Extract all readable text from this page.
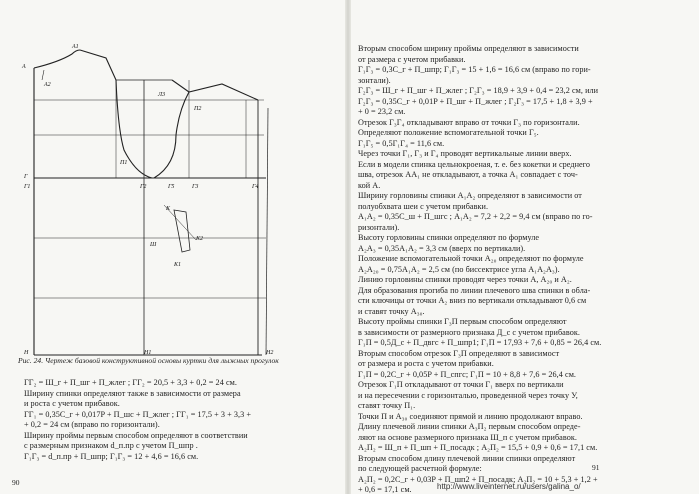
A
A1
A2
Л3
Г1	Г2	Г3
П1
П2
Г4
Г5
Г
Ш
Н	Н1	Н2
К
К1
К2
Рис. 24. Чертеж базовой конструктивной основы куртки для лыжных прогулок
ГГ₂ = Ш_г + П_шг + П_жлег ; ГГ₂ = 20,5 + 3,3 + 0,2 = 24 см.
Ширину спинки определяют также в зависимости от размера
и роста с учетом прибавок.
ГГ₁ = 0,35C_г + 0,017P + П_шс + П_жлег ; ГГ₁ = 17,5 + 3 + 3,3 +
+ 0,2 = 24 см (вправо по горизонтали).
Ширину проймы первым способом определяют в соответствии
с размерным признаком d_п.пр с учетом П_шпр .
Г₁Г₃ = d_п.пр + П_шпр; Г₁Г₃ = 12 + 4,6 = 16,6 см.
90
Вторым способом ширину проймы определяют в зависимости
от размера с учетом прибавки.
Г₁Г₃ = 0,3C_г + П_шпр; Г₁Г₃ = 15 + 1,6 = 16,6 см (вправо по гори-
зонтали).
Г₂Г₃ = Ш_г + П_шг + П_жлег ; Г₂Г₃ = 18,9 + 3,9 + 0,4 = 23,2 см, или
Г₂Г₃ = 0,35C_г + 0,01P + П_шг + П_жлег ; Г₂Г₃ = 17,5 + 1,8 + 3,9 +
+ 0 = 23,2 см.
Отрезок Г₃Г₄ откладывают вправо от точки Г₃ по горизонтали.
Определяют положение вспомогательной точки Г₅.
Г₁Г₅ = 0,5Г₁Г₄ = 11,6 см.
Через точки Г₁, Г₃ и Г₄ проводят вертикальные линии вверх.
Если в модели спинка цельнокроеная, т. е. без кокетки и среднего
шва, отрезок АА₁ не откладывают, а точка А₁ совпадает с точ-
кой А.
Ширину горловины спинки А₁А₂ определяют в зависимости от
полуобхвата шеи с учетом прибавки.
А₁А₂ = 0,35C_ш + П_шгс ; А₁А₂ = 7,2 + 2,2 = 9,4 см (вправо по го-
ризонтали).
Высоту горловины спинки определяют по формуле
А₂А₃ = 0,35А₁А₂ = 3,3 см (вверх по вертикали).
Положение вспомогательной точки А₂₀ определяют по формуле
А₂А₂₀ = 0,75А₁А₂ = 2,5 см (по биссектрисе угла А₁А₂А₃).
Линию горловины спинки проводят через точки А, А₂₀ и А₂.
Для образования прогиба по линии плечевого шва спинки в обла-
сти ключицы от точки А₂ вниз по вертикали откладывают 0,6 см
и ставят точку А₃₀.
Высоту проймы спинки Г₃П первым способом определяют
в зависимости от размерного признака Д_с с учетом прибавок.
Г₁П = 0,5Д_с + П_двгс + П_шпр1; Г₁П = 17,93 + 7,6 + 0,85 = 26,4 см.
Вторым способом отрезок Г₃П определяют в зависимост
от размера и роста с учетом прибавки.
Г₁П = 0,2C_г + 0,05P + П_спгс; Г₁П = 10 + 8,8 + 7,6 = 26,4 см.
Отрезок Г₁П откладывают от точки Г₁ вверх по вертикали
и на пересечении с горизонталью, проведенной через точку У,
ставят точку П₁.
Точки П и А₃₀ соединяют прямой и линию продолжают вправо.
Длину плечевой линии спинки А₃П₂ первым способом опреде-
ляют на основе размерного признака Ш_п с учетом прибавок.
А₂П₂ = Ш_п + П_шп + П_посадк ; А₂П₂ = 15,5 + 0,9 + 0,6 = 17,1 см.
Вторым способом длину плечевой линии спинки определяют
по следующей расчетной формуле:
А₂П₂ = 0,2C_г + 0,03P + П_шп2 + П_посадк; А₂П₂ = 10 + 5,3 + 1,2 +
+ 0,6 = 17,1 см.
91
http://www.liveinternet.ru/users/galina_o/
